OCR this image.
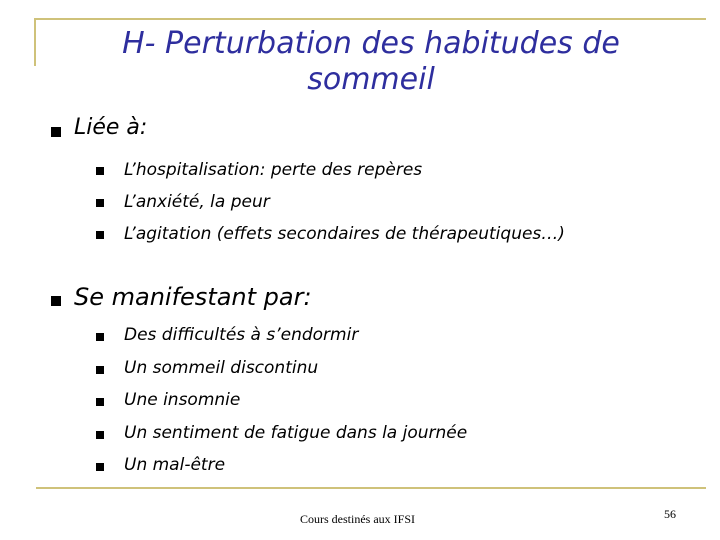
H- Perturbation des habitudes de
sommeil
Liée à:
L’hospitalisation: perte des repères
L’anxiété, la peur
L’agitation (effets secondaires de thérapeutiques…)
Se manifestant par:
Des difficultés à s’endormir
Un sommeil discontinu
Une insomnie
Un sentiment de fatigue dans la journée
Un mal-être
Cours destinés aux IFSI	56
